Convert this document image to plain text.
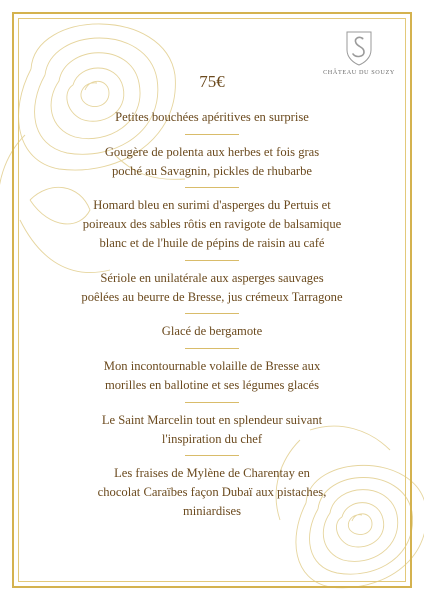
CHÂTEAU DU SOUZY
75€

Petites bouchées apéritives en surprise

Gougère de polenta aux herbes et fois gras
poché au Savagnin, pickles de rhubarbe

Homard bleu en surimi d'asperges du Pertuis et
poireaux des sables rôtis en ravigote de balsamique
blanc et de l'huile de pépins de raisin au café

Sériole en unilatérale aux asperges sauvages
poêlées au beurre de Bresse, jus crémeux Tarragone

Glacé de bergamote

Mon incontournable volaille de Bresse aux
morilles en ballotine et ses légumes glacés

Le Saint Marcelin tout en splendeur suivant
l'inspiration du chef

Les fraises de Mylène de Charentay en
chocolat Caraïbes façon Dubaï aux pistaches,
miniardises
